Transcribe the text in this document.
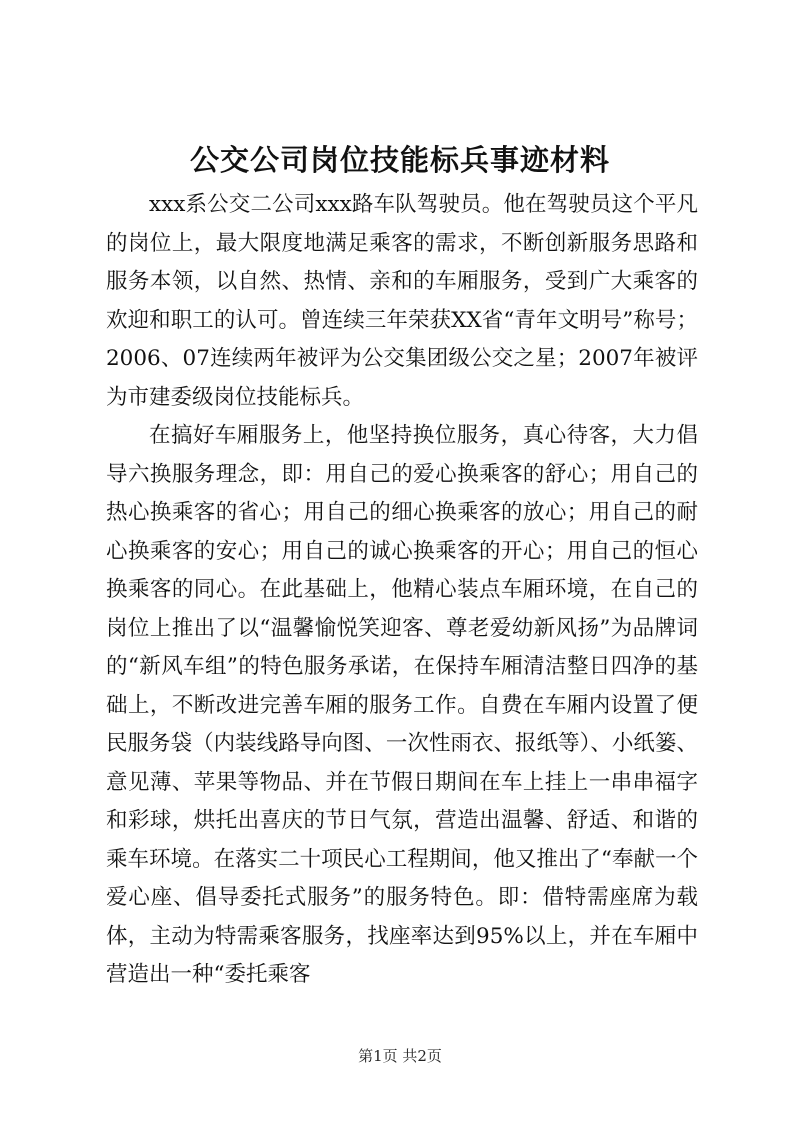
公交公司岗位技能标兵事迹材料

xxx系公交二公司xxx路车队驾驶员。他在驾驶员这个平凡的岗位上，最大限度地满足乘客的需求，不断创新服务思路和服务本领，以自然、热情、亲和的车厢服务，受到广大乘客的欢迎和职工的认可。曾连续三年荣获XX省“青年文明号”称号；2006、07连续两年被评为公交集团级公交之星；2007年被评为市建委级岗位技能标兵。

在搞好车厢服务上，他坚持换位服务，真心待客，大力倡导六换服务理念，即：用自己的爱心换乘客的舒心；用自己的热心换乘客的省心；用自己的细心换乘客的放心；用自己的耐心换乘客的安心；用自己的诚心换乘客的开心；用自己的恒心换乘客的同心。在此基础上，他精心装点车厢环境，在自己的岗位上推出了以“温馨愉悦笑迎客、尊老爱幼新风扬”为品牌词的“新风车组”的特色服务承诺，在保持车厢清洁整日四净的基础上，不断改进完善车厢的服务工作。自费在车厢内设置了便民服务袋（内装线路导向图、一次性雨衣、报纸等）、小纸篓、意见薄、苹果等物品、并在节假日期间在车上挂上一串串福字和彩球，烘托出喜庆的节日气氛，营造出温馨、舒适、和谐的乘车环境。在落实二十项民心工程期间，他又推出了“奉献一个爱心座、倡导委托式服务”的服务特色。即：借特需座席为载体，主动为特需乘客服务，找座率达到95%以上，并在车厢中营造出一种“委托乘客

第1页 共2页
